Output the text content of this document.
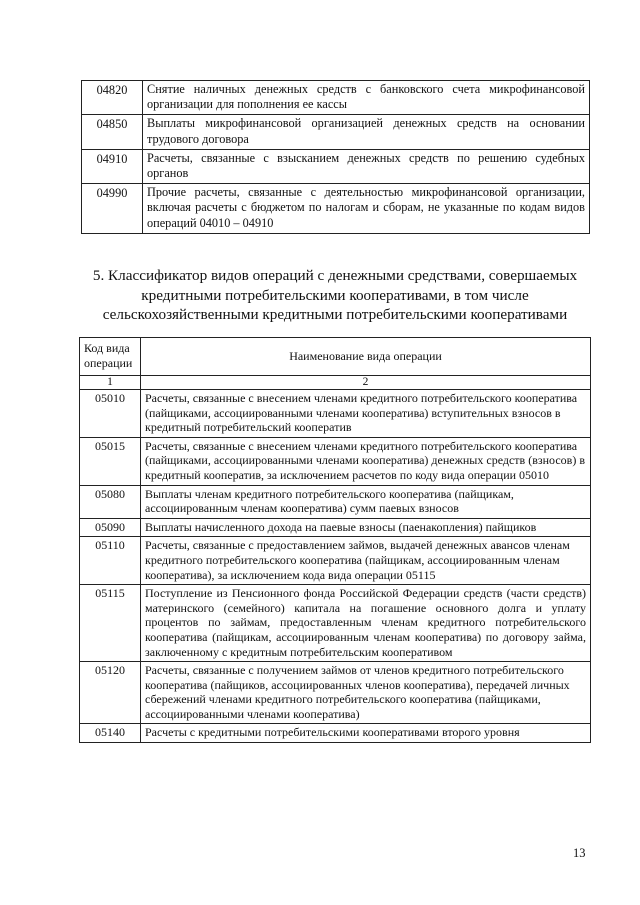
04820	Снятие наличных денежных средств с банковского счета микрофинансовой организации для пополнения ее кассы
04850	Выплаты микрофинансовой организацией денежных средств на основании трудового договора
04910	Расчеты, связанные с взысканием денежных средств по решению судебных органов
04990	Прочие расчеты, связанные с деятельностью микрофинансовой организации, включая расчеты с бюджетом по налогам и сборам, не указанные по кодам видов операций 04010 – 04910

5. Классификатор видов операций с денежными средствами, совершаемых кредитными потребительскими кооперативами, в том числе сельскохозяйственными кредитными потребительскими кооперативами

Код вида операции	Наименование вида операции
1	2
05010	Расчеты, связанные с внесением членами кредитного потребительского кооператива (пайщиками, ассоциированными членами кооператива) вступительных взносов в кредитный потребительский кооператив
05015	Расчеты, связанные с внесением членами кредитного потребительского кооператива (пайщиками, ассоциированными членами кооператива) денежных средств (взносов) в кредитный кооператив, за исключением расчетов по коду вида операции 05010
05080	Выплаты членам кредитного потребительского кооператива (пайщикам, ассоциированным членам кооператива) сумм паевых взносов
05090	Выплаты начисленного дохода на паевые взносы (паенакопления) пайщиков
05110	Расчеты, связанные с предоставлением займов, выдачей денежных авансов членам кредитного потребительского кооператива (пайщикам, ассоциированным членам кооператива), за исключением кода вида операции 05115
05115	Поступление из Пенсионного фонда Российской Федерации средств (части средств) материнского (семейного) капитала на погашение основного долга и уплату процентов по займам, предоставленным членам кредитного потребительского кооператива (пайщикам, ассоциированным членам кооператива) по договору займа, заключенному с кредитным потребительским кооперативом
05120	Расчеты, связанные с получением займов от членов кредитного потребительского кооператива (пайщиков, ассоциированных членов кооператива), передачей личных сбережений членами кредитного потребительского кооператива (пайщиками, ассоциированными членами кооператива)
05140	Расчеты с кредитными потребительскими кооперативами второго уровня
13
